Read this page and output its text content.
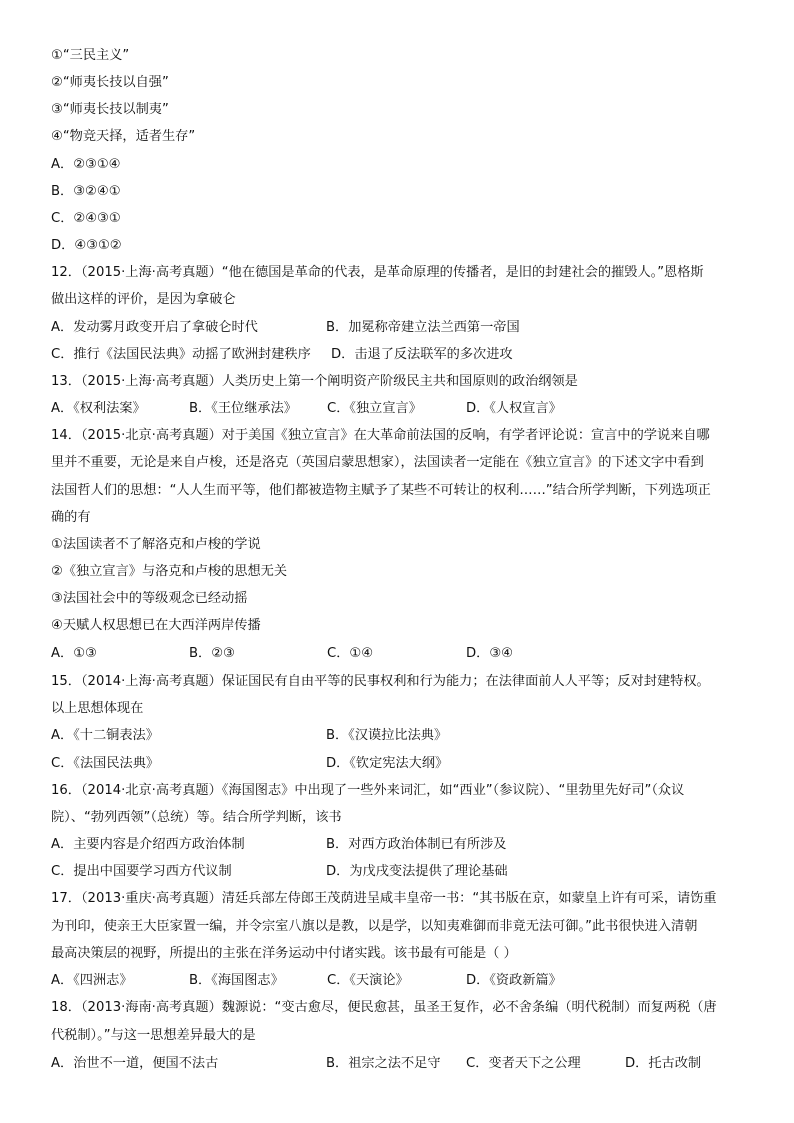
①“三民主义”
②“师夷长技以自强”
③“师夷长技以制夷”
④“物竞天择，适者生存”
A．②③①④
B．③②④①
C．②④③①
D．④③①②
12．（2015·上海·高考真题）“他在德国是革命的代表，是革命原理的传播者，是旧的封建社会的摧毁人。”恩格斯
做出这样的评价，是因为拿破仑
A．发动雾月政变开启了拿破仑时代	B．加冕称帝建立法兰西第一帝国
C．推行《法国民法典》动摇了欧洲封建秩序 D．击退了反法联军的多次进攻
13．（2015·上海·高考真题）人类历史上第一个阐明资产阶级民主共和国原则的政治纲领是
A．《权利法案》	B．《王位继承法》 C．《独立宣言》	D．《人权宣言》
14．（2015·北京·高考真题）对于美国《独立宣言》在大革命前法国的反响，有学者评论说：宣言中的学说来自哪
里并不重要，无论是来自卢梭，还是洛克（英国启蒙思想家），法国读者一定能在《独立宣言》的下述文字中看到
法国哲人们的思想：“人人生而平等，他们都被造物主赋予了某些不可转让的权利……”结合所学判断，下列选项正
确的有
①法国读者不了解洛克和卢梭的学说
②《独立宣言》与洛克和卢梭的思想无关
③法国社会中的等级观念已经动摇
④天赋人权思想已在大西洋两岸传播
A．①③	B．②③	C．①④	D．③④
15．（2014·上海·高考真题）保证国民有自由平等的民事权利和行为能力；在法律面前人人平等；反对封建特权。
以上思想体现在
A．《十二铜表法》	B．《汉谟拉比法典》
C．《法国民法典》	D．《钦定宪法大纲》
16．（2014·北京·高考真题）《海国图志》中出现了一些外来词汇，如“西业”（参议院）、“里勃里先好司”（众议
院）、“勃列西领”（总统）等。结合所学判断，该书
A．主要内容是介绍西方政治体制	B．对西方政治体制已有所涉及
C．提出中国要学习西方代议制	D．为戊戌变法提供了理论基础
17．（2013·重庆·高考真题）清廷兵部左侍郎王茂荫进呈咸丰皇帝一书：“其书版在京，如蒙皇上许有可采，请饬重
为刊印，使亲王大臣家置一编，并令宗室八旗以是教，以是学，以知夷难御而非竟无法可御。”此书很快进入清朝
最高决策层的视野，所提出的主张在洋务运动中付诸实践。该书最有可能是（ ）
A．《四洲志》	B．《海国图志》	C．《天演论》	D．《资政新篇》
18．（2013·海南·高考真题）魏源说：“变古愈尽，便民愈甚，虽圣王复作，必不舍条编（明代税制）而复两税（唐
代税制）。”与这一思想差异最大的是
A．治世不一道，便国不法古	B．祖宗之法不足守 C．变者天下之公理	D．托古改制
